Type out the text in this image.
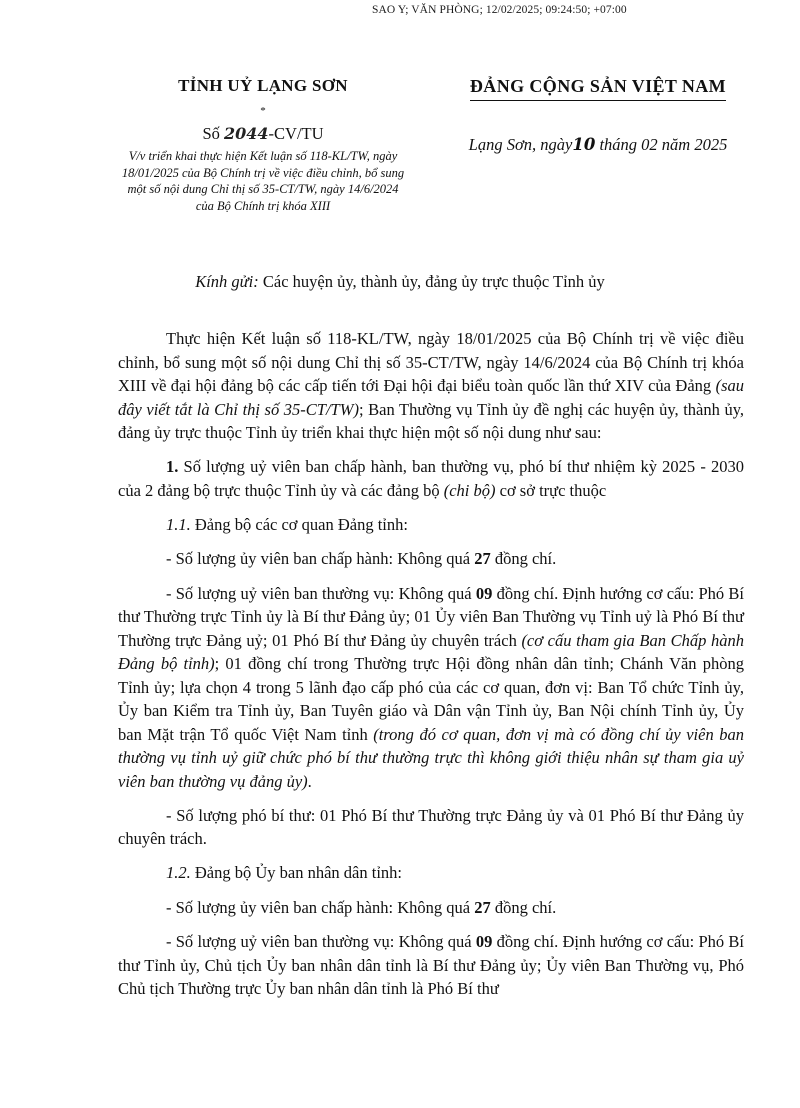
SAO Y; VĂN PHÒNG; 12/02/2025; 09:24:50; +07:00
TỈNH UỶ LẠNG SƠN
*
Số 2044-CV/TU
V/v triển khai thực hiện Kết luận số 118-KL/TW, ngày 18/01/2025 của Bộ Chính trị về việc điều chỉnh, bổ sung một số nội dung Chỉ thị số 35-CT/TW, ngày 14/6/2024 của Bộ Chính trị khóa XIII
ĐẢNG CỘNG SẢN VIỆT NAM
Lạng Sơn, ngày10 tháng 02 năm 2025
Kính gửi: Các huyện ủy, thành ủy, đảng ủy trực thuộc Tỉnh ủy

Thực hiện Kết luận số 118-KL/TW, ngày 18/01/2025 của Bộ Chính trị về việc điều chỉnh, bổ sung một số nội dung Chỉ thị số 35-CT/TW, ngày 14/6/2024 của Bộ Chính trị khóa XIII về đại hội đảng bộ các cấp tiến tới Đại hội đại biểu toàn quốc lần thứ XIV của Đảng (sau đây viết tắt là Chỉ thị số 35-CT/TW); Ban Thường vụ Tỉnh ủy đề nghị các huyện ủy, thành ủy, đảng ủy trực thuộc Tỉnh ủy triển khai thực hiện một số nội dung như sau:

1. Số lượng uỷ viên ban chấp hành, ban thường vụ, phó bí thư nhiệm kỳ 2025 - 2030 của 2 đảng bộ trực thuộc Tỉnh ủy và các đảng bộ (chi bộ) cơ sở trực thuộc

1.1. Đảng bộ các cơ quan Đảng tỉnh:

- Số lượng ủy viên ban chấp hành: Không quá 27 đồng chí.

- Số lượng uỷ viên ban thường vụ: Không quá 09 đồng chí. Định hướng cơ cấu: Phó Bí thư Thường trực Tỉnh ủy là Bí thư Đảng ủy; 01 Ủy viên Ban Thường vụ Tỉnh uỷ là Phó Bí thư Thường trực Đảng uỷ; 01 Phó Bí thư Đảng ủy chuyên trách (cơ cấu tham gia Ban Chấp hành Đảng bộ tỉnh); 01 đồng chí trong Thường trực Hội đồng nhân dân tỉnh; Chánh Văn phòng Tỉnh ủy; lựa chọn 4 trong 5 lãnh đạo cấp phó của các cơ quan, đơn vị: Ban Tổ chức Tỉnh ủy, Ủy ban Kiểm tra Tỉnh ủy, Ban Tuyên giáo và Dân vận Tỉnh ủy, Ban Nội chính Tỉnh ủy, Ủy ban Mặt trận Tổ quốc Việt Nam tỉnh (trong đó cơ quan, đơn vị mà có đồng chí ủy viên ban thường vụ tỉnh uỷ giữ chức phó bí thư thường trực thì không giới thiệu nhân sự tham gia uỷ viên ban thường vụ đảng ủy).

- Số lượng phó bí thư: 01 Phó Bí thư Thường trực Đảng ủy và 01 Phó Bí thư Đảng ủy chuyên trách.

1.2. Đảng bộ Ủy ban nhân dân tỉnh:

- Số lượng ủy viên ban chấp hành: Không quá 27 đồng chí.

- Số lượng uỷ viên ban thường vụ: Không quá 09 đồng chí. Định hướng cơ cấu: Phó Bí thư Tỉnh ủy, Chủ tịch Ủy ban nhân dân tỉnh là Bí thư Đảng ủy; Ủy viên Ban Thường vụ, Phó Chủ tịch Thường trực Ủy ban nhân dân tỉnh là Phó Bí thư
